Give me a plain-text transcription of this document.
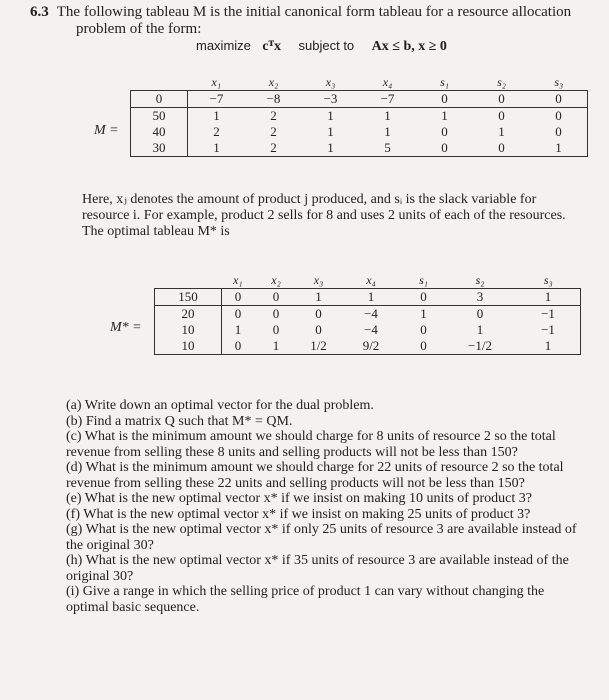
6.3 The following tableau M is the initial canonical form tableau for a resource allocation
problem of the form:
maximize cᵀx subject to Ax ≤ b, x ≥ 0
M =
	x₁	x₂	x₃	x₄	s₁	s₂	s₃
0	−7	−8	−3	−7	0	0	0
50	1	2	1	1	1	0	0
40	2	2	1	1	0	1	0
30	1	2	1	5	0	0	1
Here, xⱼ denotes the amount of product j produced, and sᵢ is the slack variable for
resource i. For example, product 2 sells for 8 and uses 2 units of each of the resources.
The optimal tableau M* is
M* =
	x₁	x₂	x₃	x₄	s₁	s₂	s₃
150	0	0	1	1	0	3	1
20	0	0	0	−4	1	0	−1
10	1	0	0	−4	0	1	−1
10	0	1	1/2	9/2	0	−1/2	1
(a) Write down an optimal vector for the dual problem.
(b) Find a matrix Q such that M* = QM.
(c) What is the minimum amount we should charge for 8 units of resource 2 so the total revenue from selling these 8 units and selling products will not be less than 150?
(d) What is the minimum amount we should charge for 22 units of resource 2 so the total revenue from selling these 22 units and selling products will not be less than 150?
(e) What is the new optimal vector x* if we insist on making 10 units of product 3?
(f) What is the new optimal vector x* if we insist on making 25 units of product 3?
(g) What is the new optimal vector x* if only 25 units of resource 3 are available instead of the original 30?
(h) What is the new optimal vector x* if 35 units of resource 3 are available instead of the original 30?
(i) Give a range in which the selling price of product 1 can vary without changing the optimal basic sequence.
